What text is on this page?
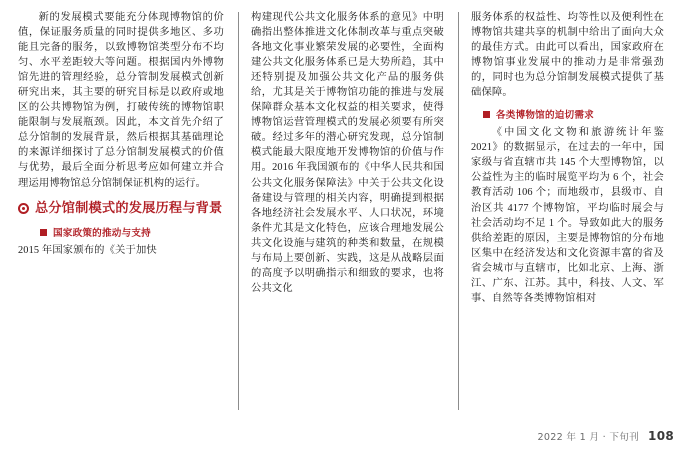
新的发展模式要能充分体现博物馆的价值，保证服务质量的同时提供多地区、多功能且完备的服务，以致博物馆类型分布不均匀、水平差距较大等问题。根据国内外博物馆先进的管理经验，总分管制发展模式创新研究出来，其主要的研究目标是以政府或地区的公共博物馆为例，打破传统的博物馆职能限制与发展瓶颈。因此，本文首先介绍了总分馆制的发展背景，然后根据其基础理论的来源详细探讨了总分馆制发展模式的价值与优势，最后全面分析思考应如何建立并合理运用博物馆总分馆制保证机构的运行。

总分馆制模式的发展历程与背景
国家政策的推动与支持

2015 年国家颁布的《关于加快

构建现代公共文化服务体系的意见》中明确指出整体推进文化体制改革与重点突破各地文化事业繁荣发展的必要性，全面构建公共文化服务体系已是大势所趋，其中还特别提及加强公共文化产品的服务供给，尤其是关于博物馆功能的推进与发展保障群众基本文化权益的相关要求，使得博物馆运营管理模式的发展必须要有所突破。经过多年的潜心研究发现，总分馆制模式能最大限度地开发博物馆的价值与作用。2016 年我国颁布的《中华人民共和国公共文化服务保障法》中关于公共文化设备建设与管理的相关内容，明确提到根据各地经济社会发展水平、人口状况，环境条件尤其是文化特色，应该合理地发展公共文化设施与建筑的种类和数量，在规模与布局上要创新、实践，这是从战略层面的高度予以明确指示和细致的要求，也将公共文化

服务体系的权益性、均等性以及便利性在博物馆共建共享的机制中给出了面向大众的最佳方式。由此可以看出，国家政府在博物馆事业发展中的推动力是非常强劲的，同时也为总分馆制发展模式提供了基础保障。

各类博物馆的迫切需求

《中国文化文物和旅游统计年鉴 2021》的数据显示，在过去的一年中，国家级与省直辖市共 145 个大型博物馆，以公益性为主的临时展览平均为 6 个，社会教育活动 106 个；而地级市，县级市、自治区共 4177 个博物馆，平均临时展会与社会活动均不足 1 个。导致如此大的服务供给差距的原因，主要是博物馆的分布地区集中在经济发达和文化资源丰富的省及省会城市与直辖市，比如北京、上海、浙江、广东、江苏。其中，科技、人文、军事、自然等各类博物馆相对

2022 年 1 月 · 下旬刊 108
